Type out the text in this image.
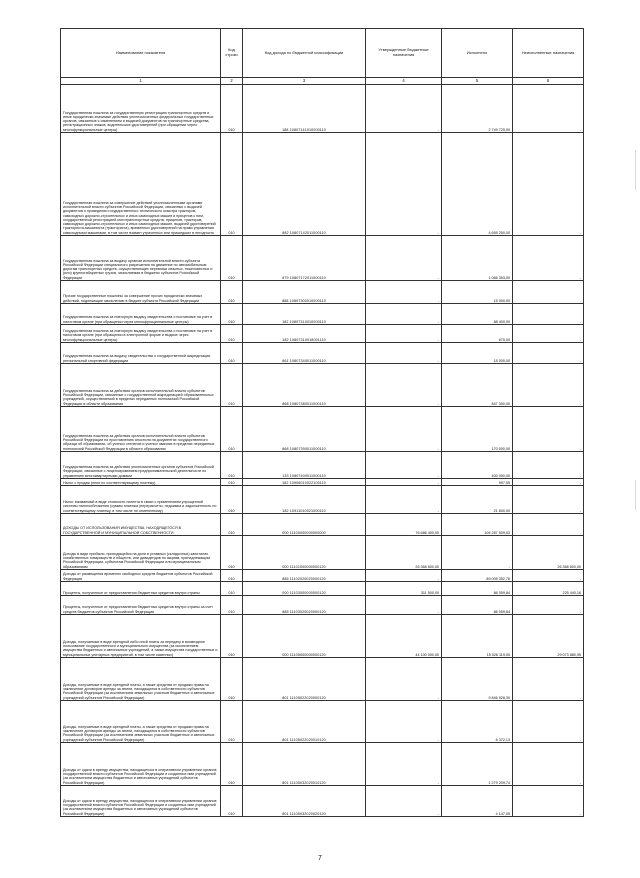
Наименование показателя	Код строки	Код дохода по бюджетной классификации	Утвержденные бюджетные назначения	Исполнено	Неисполненные назначения
1	2	3	4	5	6
Государственная пошлина за государственную регистрацию транспортных средств и иные юридически значимые действия уполномоченных федеральных государственных органов, связанные с изменением и выдачей документов на транспортные средства, регистрационных знаков, водительских удостоверений (при обращении через многофункциональные центры)	010	188 10807141010000110	-	2 749 725,00	-
Государственная пошлина за совершение действий уполномоченными органами исполнительной власти субъектов Российской Федерации, связанных с выдачей документов о проведении государственного технического осмотра тракторов, самоходных дорожно-строительных и иных самоходных машин и прицепов к ним, государственной регистрацией мототранспортных средств, прицепов, тракторов, самоходных дорожно-строительных и иных самоходных машин, выдачей удостоверений тракториста-машиниста (тракториста), временных удостоверений на право управления самоходными машинами, в том числе взамен утраченных или пришедших в негодность	010	882 10807142011000110	-	4 655 250,00	-
Государственная пошлина за выдачу органом исполнительной власти субъекта Российской Федерации специального разрешения на движение по автомобильным дорогам транспортных средств, осуществляющих перевозки опасных, тяжеловесных и (или) крупногабаритных грузов, зачисляемая в бюджеты субъектов Российской Федерации	010	879 10807172011000110	-	1 066 353,00	-
Прочие государственные пошлины за совершение прочих юридически значимых действий, подлежащие зачислению в бюджет субъекта Российской Федерации	010	888 10807300010000110	-	15 000,00	-
Государственная пошлина за повторную выдачу свидетельства о постановке на учет в налоговом органе (при обращении через многофункциональные центры)	010	182 10807310010000110	-	88 400,00	-
Государственная пошлина за повторную выдачу свидетельства о постановке на учет в налоговом органе (при обращении в электронной форме и выдаче через многофункциональные центры)	010	182 10807310018001110	-	675,00	-
Государственная пошлина за выдачу свидетельства о государственной аккредитации региональной спортивной федерации	010	861 10807340011000110	-	15 000,00	-
Государственная пошлина за действия органов исполнительной власти субъектов Российской Федерации, связанные с государственной аккредитацией образовательных учреждений, осуществляемой в пределах переданных полномочий Российской Федерации в области образования	010	868 10807380011000110	-	847 300,00	-
Государственная пошлина за действия органов исполнительной власти субъектов Российской Федерации по проставлению апостиля на документах государственного образца об образовании, об ученых степенях и ученых званиях в пределах переданных полномочий Российской Федерации в области образования	010	868 10807390011000110	-	170 000,00	-
Государственная пошлина за действия уполномоченных органов субъектов Российской Федерации, связанные с лицензированием предпринимательской деятельности по управлению многоквартирными домами	010	133 10807400011000110	-	400 000,00	-
Налог с продаж (пени по соответствующему платежу)	010	182 10906010022100110	-	997,55	-
Налог, взимаемый в виде стоимости патента в связи с применением упрощенной системы налогообложения (суммы платежа (перерасчеты, недоимка и задолженность по соответствующему платежу, в том числе по отмененному)	010	182 10911010021000110	-	21 600,00	-
ДОХОДЫ ОТ ИСПОЛЬЗОВАНИЯ ИМУЩЕСТВА, НАХОДЯЩЕГОСЯ В ГОСУДАРСТВЕННОЙ И МУНИЦИПАЛЬНОЙ СОБСТВЕННОСТИ	010	000 11100000000000000	76 686 400,00	104 287 509,03	-
Доходы в виде прибыли, приходящейся на доли в уставных (складочных) капиталах хозяйственных товариществ и обществ, или дивидендов по акциям, принадлежащим Российской Федерации, субъектам Российской Федерации или муниципальным образованиям	010	000 11101000000000120	26 368 600,00	-	26 368 600,00
Доходы от размещения временно свободных средств бюджетов субъектов Российской Федерации	010	885 11102020020000120	-	89 005 352,78	-
Проценты, полученные от предоставления бюджетных кредитов внутри страны	010	000 11103000000000120	311 500,00	86 059,84	225 440,16
Проценты, полученные от предоставления бюджетных кредитов внутри страны за счет средств бюджетов субъектов Российской Федерации	010	885 11103020020000120	-	86 059,84	-
Доходы, получаемые в виде арендной либо иной платы за передачу в возмездное пользование государственного и муниципального имущества (за исключением имущества бюджетных и автономных учреждений, а также имущества государственных и муниципальных унитарных предприятий, в том числе казенных)	010	000 11105000000000120	44 100 000,00	15 026 119,05	29 073 880,95
Доходы, получаемые в виде арендной платы, а также средства от продажи права на заключение договоров аренды за земли, находящиеся в собственности субъектов Российской Федерации (за исключением земельных участков бюджетных и автономных учреждений субъектов Российской Федерации)	010	801 11105022020000120	-	9 846 928,30	-
Доходы, получаемые в виде арендной платы, а также средства от продажи права на заключение договоров аренды за земли, находящиеся в собственности субъектов Российской Федерации (за исключением земельных участков бюджетных и автономных учреждений субъектов Российской Федерации)	010	801 11105022020010120	-	6 372,13	-
Доходы от сдачи в аренду имущества, находящегося в оперативном управлении органов государственной власти субъектов Российской Федерации и созданных ими учреждений (за исключением имущества бюджетных и автономных учреждений субъектов Российской Федерации)	010	801 11105032020010120	-	1 279 209,74	-
Доходы от сдачи в аренду имущества, находящегося в оперативном управлении органов государственной власти субъектов Российской Федерации и созданных ими учреждений (за исключением имущества бюджетных и автономных учреждений субъектов Российской Федерации)	010	801 11105032020020120	-	4 147,05	-
7
